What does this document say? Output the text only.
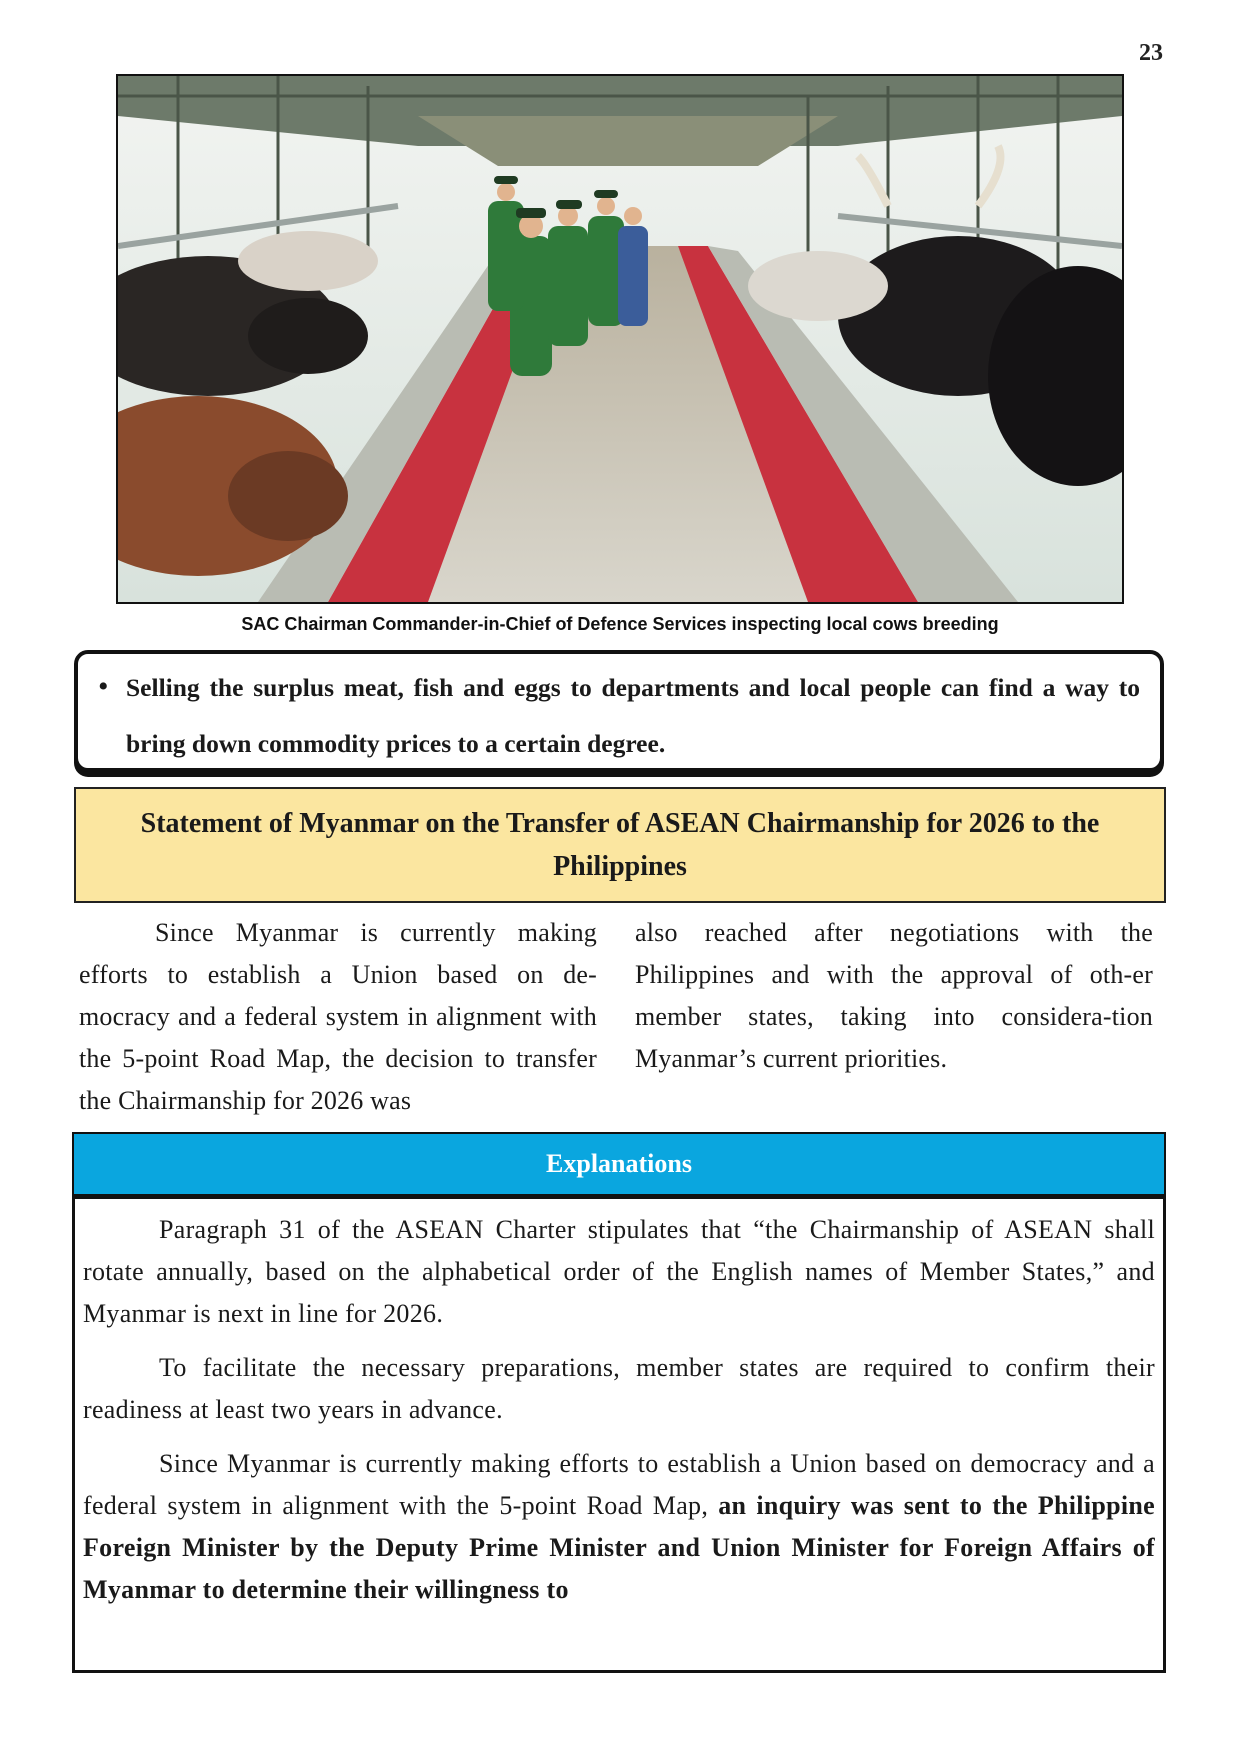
23
SAC Chairman Commander-in-Chief of Defence Services inspecting local cows breeding
• Selling the surplus meat, fish and eggs to departments and local people can find a way to bring down commodity prices to a certain degree.

Statement of Myanmar on the Transfer of ASEAN Chairmanship for 2026 to the Philippines

Since Myanmar is currently making efforts to establish a Union based on de-mocracy and a federal system in alignment with the 5-point Road Map, the decision to transfer the Chairmanship for 2026 was

also reached after negotiations with the Philippines and with the approval of oth-er member states, taking into considera-tion Myanmar’s current priorities.

Explanations

Paragraph 31 of the ASEAN Charter stipulates that “the Chairmanship of ASEAN shall rotate annually, based on the alphabetical order of the English names of Member States,” and Myanmar is next in line for 2026.

To facilitate the necessary preparations, member states are required to confirm their readiness at least two years in advance.

Since Myanmar is currently making efforts to establish a Union based on democracy and a federal system in alignment with the 5-point Road Map, an inquiry was sent to the Philippine Foreign Minister by the Deputy Prime Minister and Union Minister for Foreign Affairs of Myanmar to determine their willingness to
